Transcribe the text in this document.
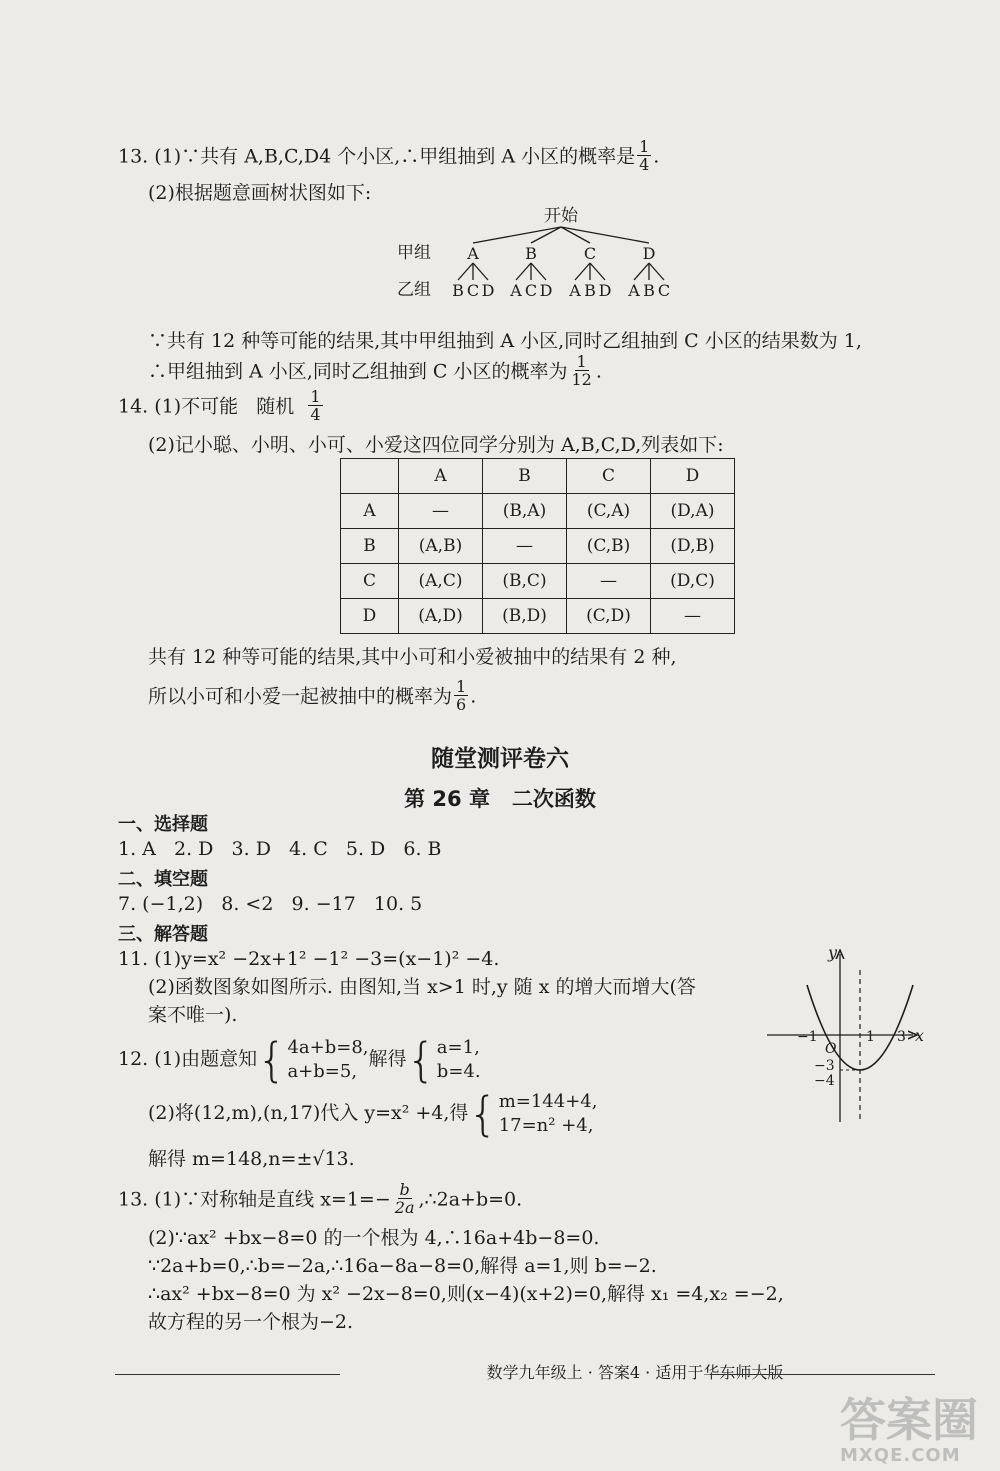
13. (1)∵共有 A,B,C,D4 个小区,∴甲组抽到 A 小区的概率是 $\frac{1}{4}$ .
(2)根据题意画树状图如下:
开始
甲组
乙组
A	B	C	D
B C D A C D A B D A B C
∵共有 12 种等可能的结果,其中甲组抽到 A 小区,同时乙组抽到 C 小区的结果数为 1,
∴甲组抽到 A 小区,同时乙组抽到 C 小区的概率为 $\frac{1}{12}$ .
14. (1)不可能   随机 $\frac{1}{4}$
(2)记小聪、小明、小可、小爱这四位同学分别为 A,B,C,D,列表如下:
	A	B	C	D
A	—	(B,A)	(C,A)	(D,A)
B	(A,B)	—	(C,B)	(D,B)
C	(A,C)	(B,C)	—	(D,C)
D	(A,D)	(B,D)	(C,D)	—
共有 12 种等可能的结果,其中小可和小爱被抽中的结果有 2 种,
所以小可和小爱一起被抽中的概率为 $\frac{1}{6}$ .
随堂测评卷六
第 26 章   二次函数
一、选择题
1. A   2. D   3. D   4. C   5. D   6. B
二、填空题
7. (−1,2)   8. <2   9. −17   10. 5
三、解答题
11. (1)y=x² −2x+1² −1² −3=(x−1)² −4.
(2)函数图象如图所示. 由图知,当 x>1 时,y 随 x 的增大而增大(答
案不唯一).
y
x
O
−1	1 3
−3
−4
12. (1)由题意知 { 4a+b=8,
a+b=5,
解得 { a=1,
b=4.
(2)将(12,m),(n,17)代入 y=x² +4,得 { m=144+4,
17=n² +4,
解得 m=148,n=±√13.
13. (1)∵对称轴是直线 $x=1=- \frac{b}{2a}$ ,∴2a+b=0.
(2)∵ax² +bx−8=0 的一个根为 4,∴16a+4b−8=0.
∵2a+b=0,∴b=−2a,∴16a−8a−8=0,解得 a=1,则 b=−2.
∴ax² +bx−8=0 为 x² −2x−8=0,则(x−4)(x+2)=0,解得 x₁ =4,x₂ =−2,
故方程的另一个根为−2.
数学九年级上 · 答案4 · 适用于华东师大版
答案圈
MXQE.COM
